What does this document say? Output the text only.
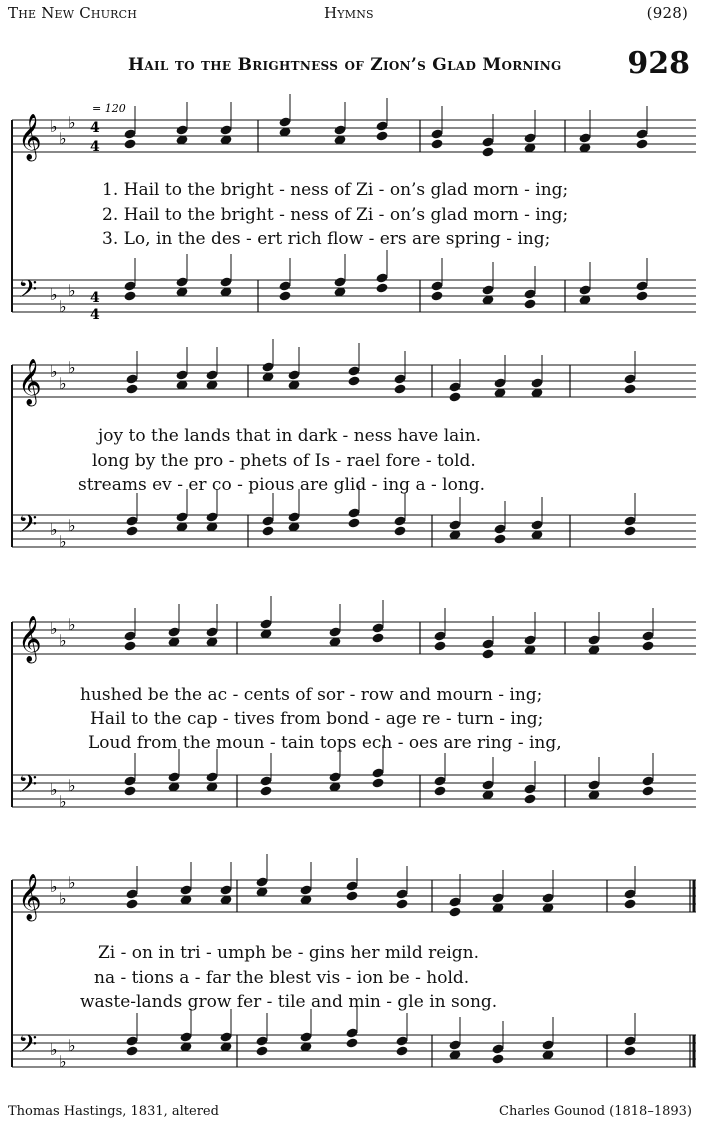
The New Church	Hymns	(928)
Hail to the Brightness of Zion’s Glad Morning 928
𝄞 ♭
♭
♭
𝄢 ♭
♭
♭
𝄞 ♭
♭
♭
𝄢 ♭
♭
♭
𝄞 ♭
♭
♭
𝄢 ♭
♭
♭
𝄞 ♭
♭
♭
𝄢 ♭
♭
♭
= 120
4
4
4
4
1. Hail to the bright - ness of Zi - on’s glad morn - ing;
2. Hail to the bright - ness of Zi - on’s glad morn - ing;
3. Lo, in the des - ert rich flow - ers are spring - ing;
joy to the lands that in dark - ness have lain.
long by the pro - phets of Is - rael fore - told.
streams ev - er co - pious are glid - ing a - long.
hushed be the ac - cents of sor - row and mourn - ing;
Hail to the cap - tives from bond - age re - turn - ing;
Loud from the moun - tain tops ech - oes are ring - ing,
Zi - on in tri - umph be - gins her mild reign.
na - tions a - far the blest vis - ion be - hold.
waste-lands grow fer - tile and min - gle in song.
Thomas Hastings, 1831, altered	Charles Gounod (1818–1893)
